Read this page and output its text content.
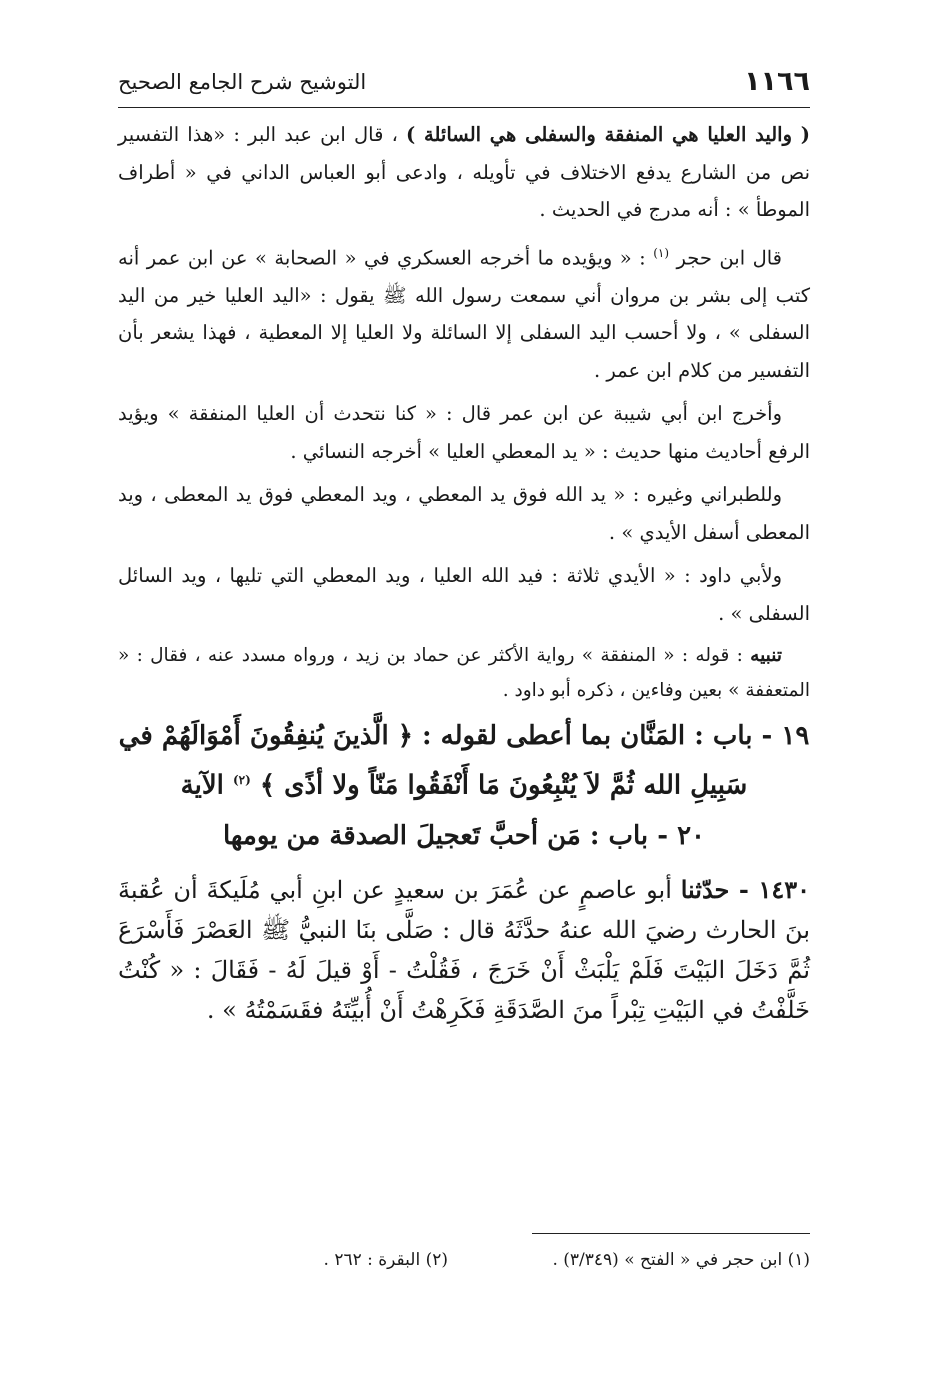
١١٦٦
التوشيح شرح الجامع الصحيح

( واليد العليا هي المنفقة والسفلى هي السائلة ) ، قال ابن عبد البر : «هذا التفسير نص من الشارع يدفع الاختلاف في تأويله ، وادعى أبو العباس الداني في « أطراف الموطأ » : أنه مدرج في الحديث .

قال ابن حجر $^{(١)}$ : « ويؤيده ما أخرجه العسكري في « الصحابة » عن ابن عمر أنه كتب إلى بشر بن مروان أني سمعت رسول الله ﷺ يقول : «اليد العليا خير من اليد السفلى » ، ولا أحسب اليد السفلى إلا السائلة ولا العليا إلا المعطية ، فهذا يشعر بأن التفسير من كلام ابن عمر .

وأخرج ابن أبي شيبة عن ابن عمر قال : « كنا نتحدث أن العليا المنفقة » ويؤيد الرفع أحاديث منها حديث : « يد المعطي العليا » أخرجه النسائي .

وللطبراني وغيره : « يد الله فوق يد المعطي ، ويد المعطي فوق يد المعطى ، ويد المعطى أسفل الأيدي » .

ولأبي داود : « الأيدي ثلاثة : فيد الله العليا ، ويد المعطي التي تليها ، ويد السائل السفلى » .

تنبيه : قوله : « المنفقة » رواية الأكثر عن حماد بن زيد ، ورواه مسدد عنه ، فقال : « المتعففة » بعين وفاءين ، ذكره أبو داود .

١٩ - باب : المَنَّان بما أعطى لقوله : ﴿ الَّذينَ يُنفِقُونَ أَمْوَالَهُمْ في سَبِيلِ الله ثُمَّ لاَ يُتْبِعُونَ مَا أَنْفَقُوا مَنّاً ولا أذًى ﴾ $^{(٢)}$ الآية

٢٠ - باب : مَن أحبَّ تَعجيلَ الصدقة من يومها

١٤٣٠ - حدّثنا أبو عاصمٍ عن عُمَرَ بن سعيدٍ عن ابنِ أبي مُلَيكةَ أن عُقبةَ بنَ الحارث رضيَ الله عنهُ حدَّثَهُ قال : صَلَّى بنَا النبيُّ ﷺ العَصْرَ فَأَسْرَعَ ثُمَّ دَخَلَ البَيْتَ فَلَمْ يَلْبَثْ أَنْ خَرَجَ ، فَقُلْتُ - أَوْ قيلَ لَهُ - فَقَالَ : « كُنْتُ خَلَّفْتُ في البَيْتِ تِبْراً منَ الصَّدَقَةِ فَكَرِهْتُ أَنْ أُبيِّتَهُ فقَسَمْتُهُ » .

(١) ابن حجر في « الفتح » (٣/٣٤٩) .
(٢) البقرة : ٢٦٢ .
